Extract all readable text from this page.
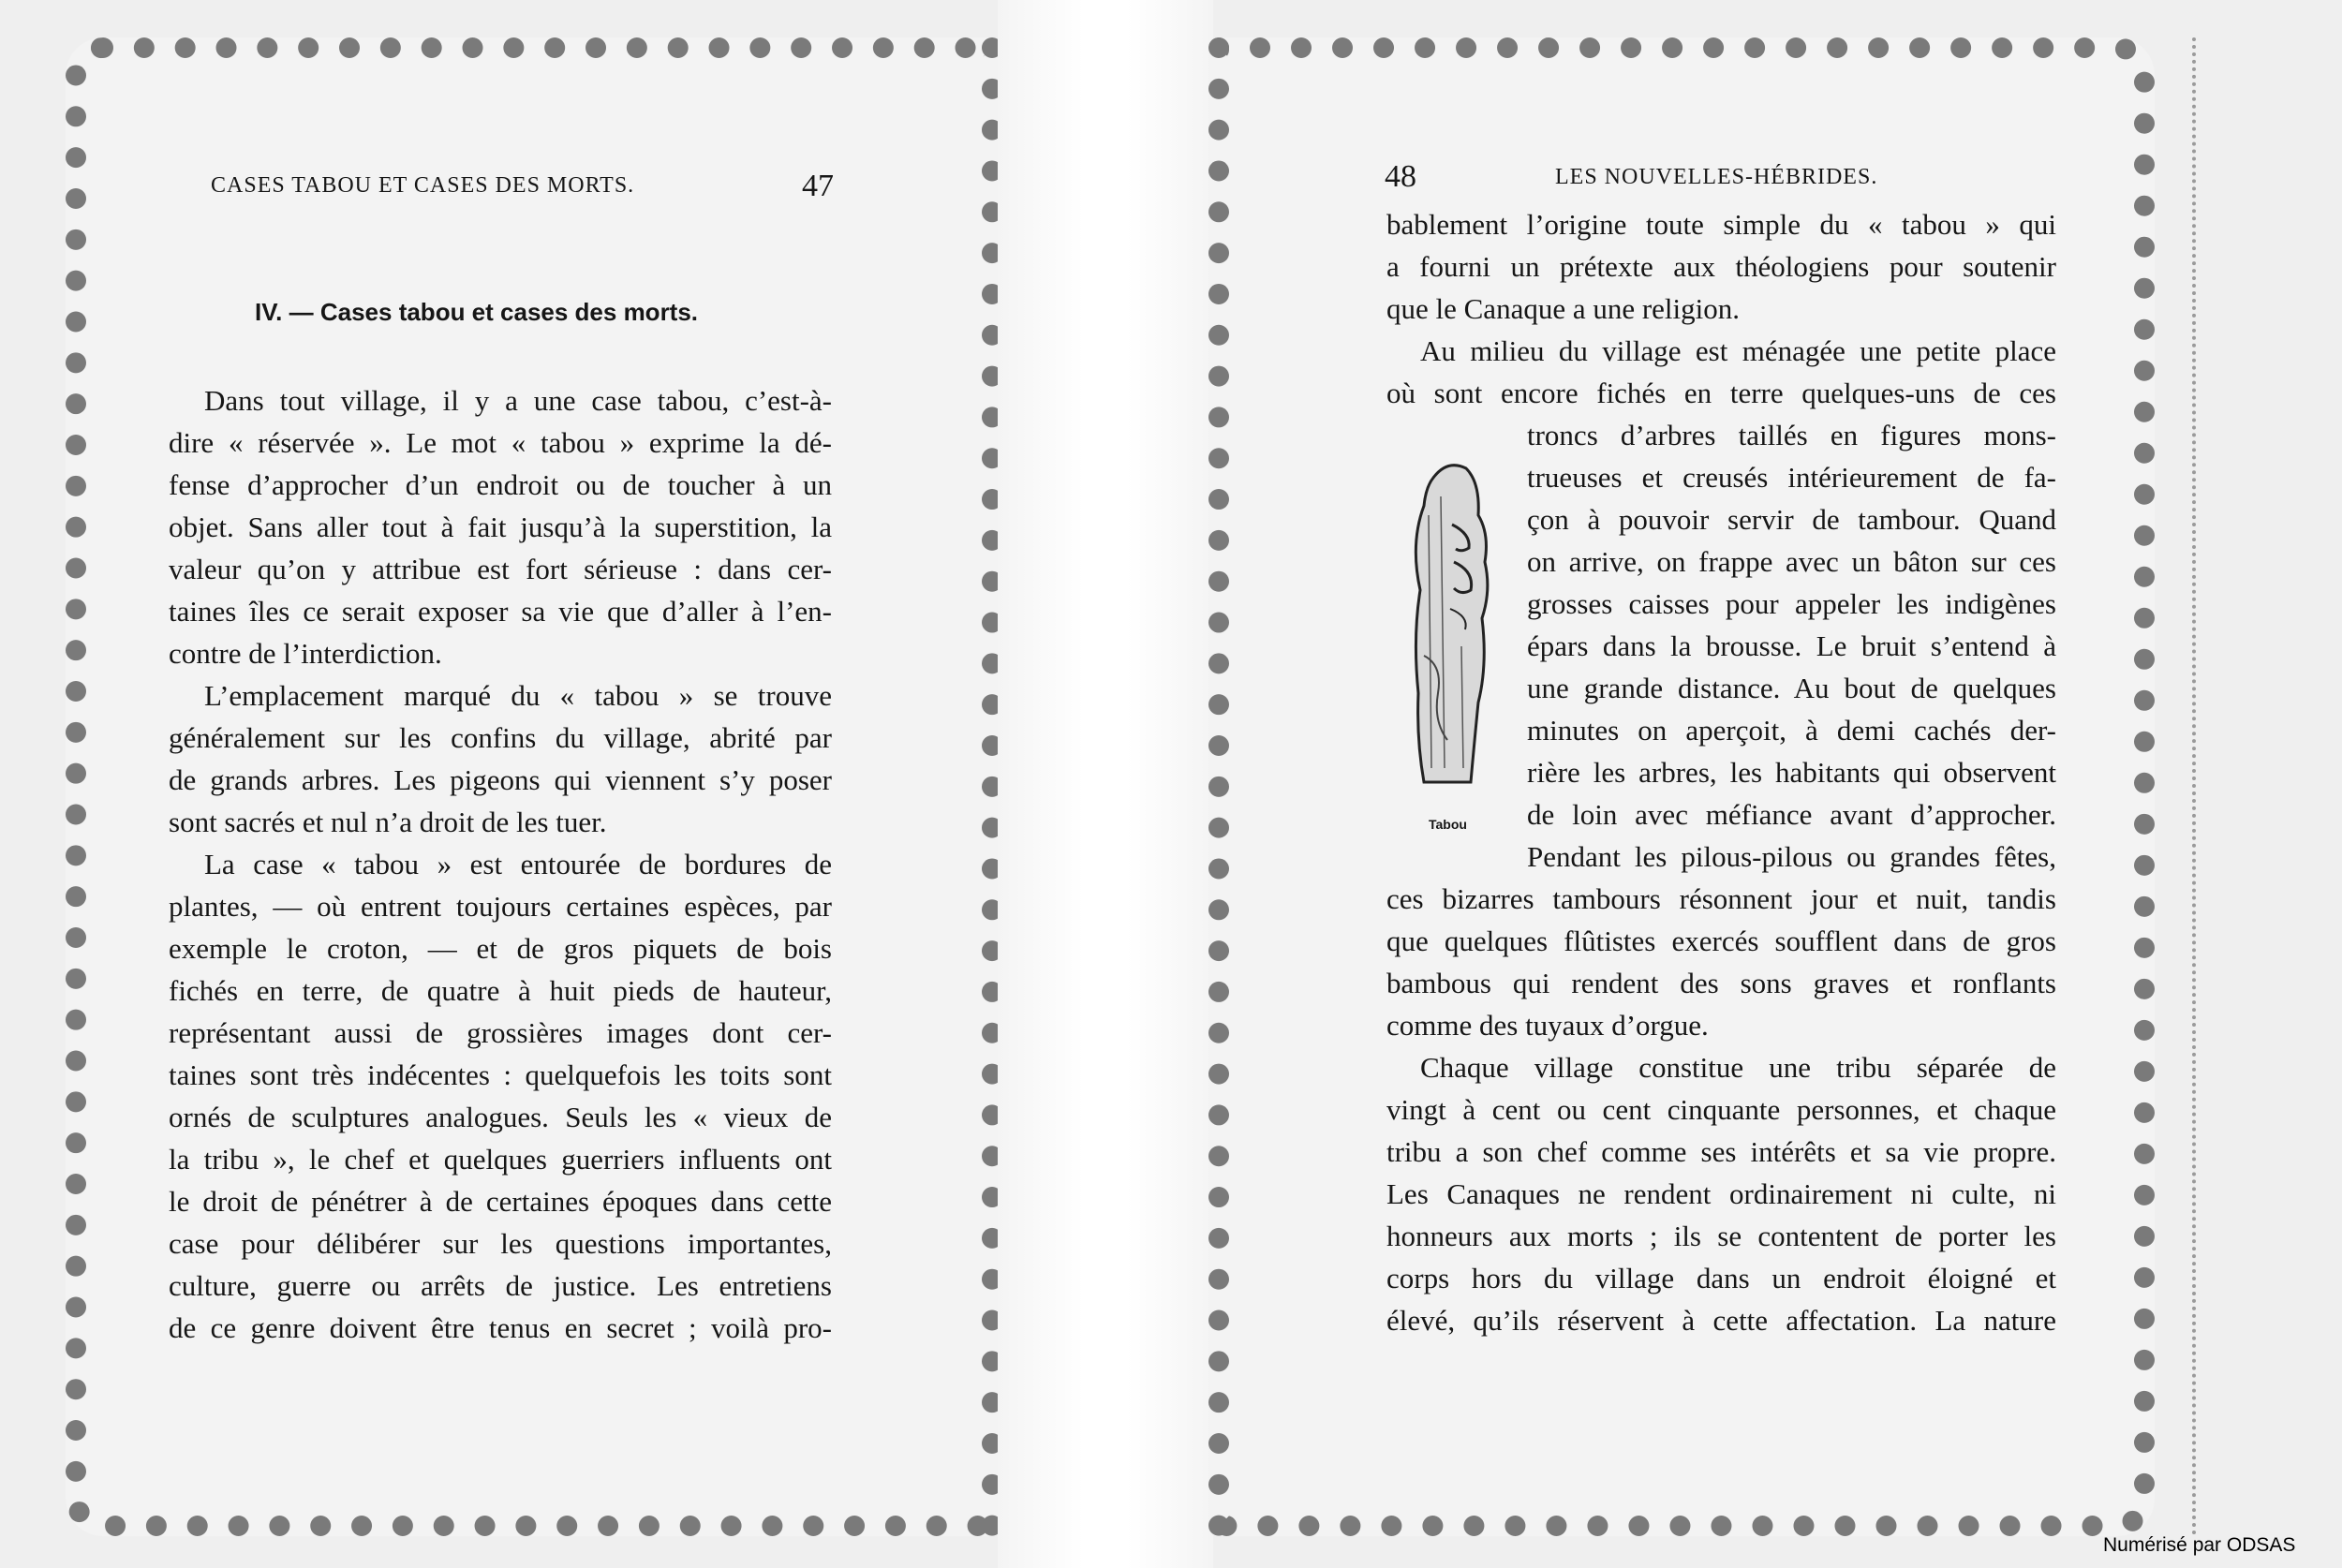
CASES TABOU ET CASES DES MORTS.	47
IV. — Cases tabou et cases des morts.
Dans tout village, il y a une case tabou, c’est-à-
dire « réservée ». Le mot « tabou » exprime la dé-
fense d’approcher d’un endroit ou de toucher à un
objet. Sans aller tout à fait jusqu’à la superstition, la
valeur qu’on y attribue est fort sérieuse : dans cer-
taines îles ce serait exposer sa vie que d’aller à l’en-
contre de l’interdiction.
L’emplacement marqué du « tabou » se trouve
généralement sur les confins du village, abrité par
de grands arbres. Les pigeons qui viennent s’y poser
sont sacrés et nul n’a droit de les tuer.
La case « tabou » est entourée de bordures de
plantes, — où entrent toujours certaines espèces, par
exemple le croton, — et de gros piquets de bois
fichés en terre, de quatre à huit pieds de hauteur,
représentant aussi de grossières images dont cer-
taines sont très indécentes : quelquefois les toits sont
ornés de sculptures analogues. Seuls les « vieux de
la tribu », le chef et quelques guerriers influents ont
le droit de pénétrer à de certaines époques dans cette
case pour délibérer sur les questions importantes,
culture, guerre ou arrêts de justice. Les entretiens
de ce genre doivent être tenus en secret ; voilà pro-
48	LES NOUVELLES-HÉBRIDES.
bablement l’origine toute simple du « tabou » qui
a fourni un prétexte aux théologiens pour soutenir
que le Canaque a une religion.
Au milieu du village est ménagée une petite place
où sont encore fichés en terre quelques-uns de ces
troncs d’arbres taillés en figures mons-
trueuses et creusés intérieurement de fa-
çon à pouvoir servir de tambour. Quand
on arrive, on frappe avec un bâton sur ces
grosses caisses pour appeler les indigènes
épars dans la brousse. Le bruit s’entend à
une grande distance. Au bout de quelques
minutes on aperçoit, à demi cachés der-
rière les arbres, les habitants qui observent
de loin avec méfiance avant d’approcher.
Pendant les pilous-pilous ou grandes fêtes,
ces bizarres tambours résonnent jour et nuit, tandis
que quelques flûtistes exercés soufflent dans de gros
bambous qui rendent des sons graves et ronflants
comme des tuyaux d’orgue.
Chaque village constitue une tribu séparée de
vingt à cent ou cent cinquante personnes, et chaque
tribu a son chef comme ses intérêts et sa vie propre.
Les Canaques ne rendent ordinairement ni culte, ni
honneurs aux morts ; ils se contentent de porter les
corps hors du village dans un endroit éloigné et
élevé, qu’ils réservent à cette affectation. La nature
Tabou
Numérisé par ODSAS
